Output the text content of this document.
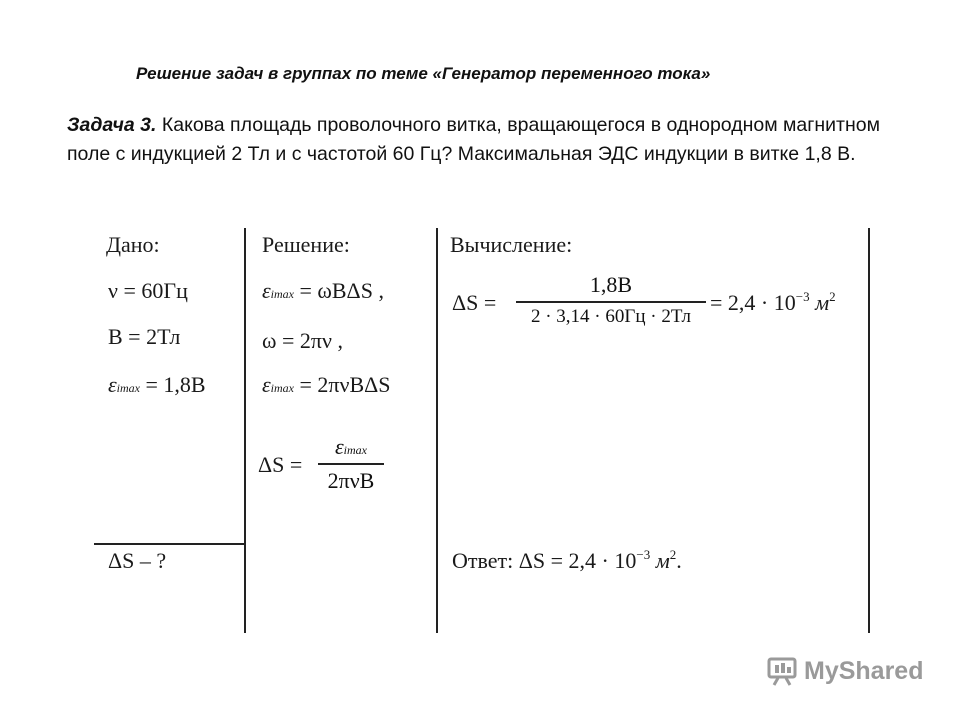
Решение задач в группах по теме «Генератор переменного тока»
Задача 3. Какова площадь проволочного витка, вращающегося в однородном магнитном поле с индукцией 2 Тл и с частотой 60 Гц? Максимальная ЭДС индукции в витке 1,8 В.
Дано:	Решение:	Вычисление:
ν = 60Гц
B = 2Тл
εimax = 1,8B
ΔS – ?
εimax = ωBΔS ,
ω = 2πν ,
εimax = 2πνBΔS
ΔS =
εimax
2πνB
ΔS =
1,8B
2 · 3,14 · 60Гц · 2Тл
= $2,4 \cdot 10^{-3}$ $м^2$
Ответ: $\Delta S = 2,4 \cdot 10^{-3}$ $м^2$.
MyShared
